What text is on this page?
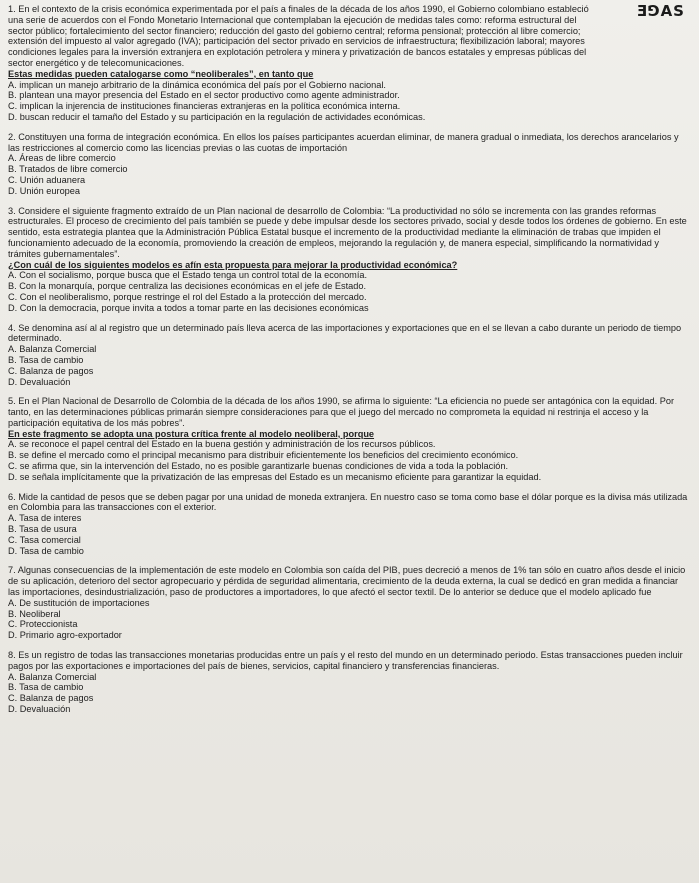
ƎꓨAS

1. En el contexto de la crisis económica experimentada por el país a finales de la década de los años 1990, el Gobierno colombiano estableció una serie de acuerdos con el Fondo Monetario Internacional que contemplaban la ejecución de medidas tales como: reforma estructural del sector público; fortalecimiento del sector financiero; reducción del gasto del gobierno central; reforma pensional; protección al libre comercio; extensión del impuesto al valor agregado (IVA); participación del sector privado en servicios de infraestructura; flexibilización laboral; mayores condiciones legales para la inversión extranjera en explotación petrolera y minera y privatización de bancos estatales y empresas públicas del sector energético y de telecomunicaciones.

Estas medidas pueden catalogarse como “neoliberales”, en tanto que

A. implican un manejo arbitrario de la dinámica económica del país por el Gobierno nacional.

B. plantean una mayor presencia del Estado en el sector productivo como agente administrador.

C. implican la injerencia de instituciones financieras extranjeras en la política económica interna.

D. buscan reducir el tamaño del Estado y su participación en la regulación de actividades económicas.

2. Constituyen una forma de integración económica. En ellos los países participantes acuerdan eliminar, de manera gradual o inmediata, los derechos arancelarios y las restricciones al comercio como las licencias previas o las cuotas de importación

A. Áreas de libre comercio

B. Tratados de libre comercio

C. Unión aduanera

D. Unión europea

3. Considere el siguiente fragmento extraído de un Plan nacional de desarrollo de Colombia: “La productividad no sólo se incrementa con las grandes reformas estructurales. El proceso de crecimiento del país también se puede y debe impulsar desde los sectores privado, social y desde todos los órdenes de gobierno. En este sentido, esta estrategia plantea que la Administración Pública Estatal busque el incremento de la productividad mediante la eliminación de trabas que impiden el funcionamiento adecuado de la economía, promoviendo la creación de empleos, mejorando la regulación y, de manera especial, simplificando la normatividad y trámites gubernamentales”.

¿Con cuál de los siguientes modelos es afín esta propuesta para mejorar la productividad económica?

A. Con el socialismo, porque busca que el Estado tenga un control total de la economía.

B. Con la monarquía, porque centraliza las decisiones económicas en el jefe de Estado.

C. Con el neoliberalismo, porque restringe el rol del Estado a la protección del mercado.

D. Con la democracia, porque invita a todos a tomar parte en las decisiones económicas

4. Se denomina así al al registro que un determinado país lleva acerca de las importaciones y exportaciones que en el se llevan a cabo durante un periodo de tiempo determinado.

A. Balanza Comercial

B. Tasa de cambio

C. Balanza de pagos

D. Devaluación

5. En el Plan Nacional de Desarrollo de Colombia de la década de los años 1990, se afirma lo siguiente: “La eficiencia no puede ser antagónica con la equidad. Por tanto, en las determinaciones públicas primarán siempre consideraciones para que el juego del mercado no comprometa la equidad ni restrinja el acceso y la participación equitativa de los más pobres”.

En este fragmento se adopta una postura crítica frente al modelo neoliberal, porque

A. se reconoce el papel central del Estado en la buena gestión y administración de los recursos públicos.

B. se define el mercado como el principal mecanismo para distribuir eficientemente los beneficios del crecimiento económico.

C. se afirma que, sin la intervención del Estado, no es posible garantizarle buenas condiciones de vida a toda la población.

D. se señala implícitamente que la privatización de las empresas del Estado es un mecanismo eficiente para garantizar la equidad.

6. Mide la cantidad de pesos que se deben pagar por una unidad de moneda extranjera. En nuestro caso se toma como base el dólar porque es la divisa más utilizada en Colombia para las transacciones con el exterior.

A. Tasa de interes

B. Tasa de usura

C. Tasa comercial

D. Tasa de cambio

7. Algunas consecuencias de la implementación de este modelo en Colombia son caída del PIB, pues decreció a menos de 1% tan sólo en cuatro años desde el inicio de su aplicación, deterioro del sector agropecuario y pérdida de seguridad alimentaria, crecimiento de la deuda externa, la cual se dedicó en gran medida a financiar las importaciones, desindustrialización, paso de productores a importadores, lo que afectó el sector textil. De lo anterior se deduce que el modelo aplicado fue

A. De sustitución de importaciones

B. Neoliberal

C. Proteccionista

D. Primario agro-exportador

8. Es un registro de todas las transacciones monetarias producidas entre un país y el resto del mundo en un determinado periodo. Estas transacciones pueden incluir pagos por las exportaciones e importaciones del país de bienes, servicios, capital financiero y transferencias financieras.

A. Balanza Comercial

B. Tasa de cambio

C. Balanza de pagos

D. Devaluación
